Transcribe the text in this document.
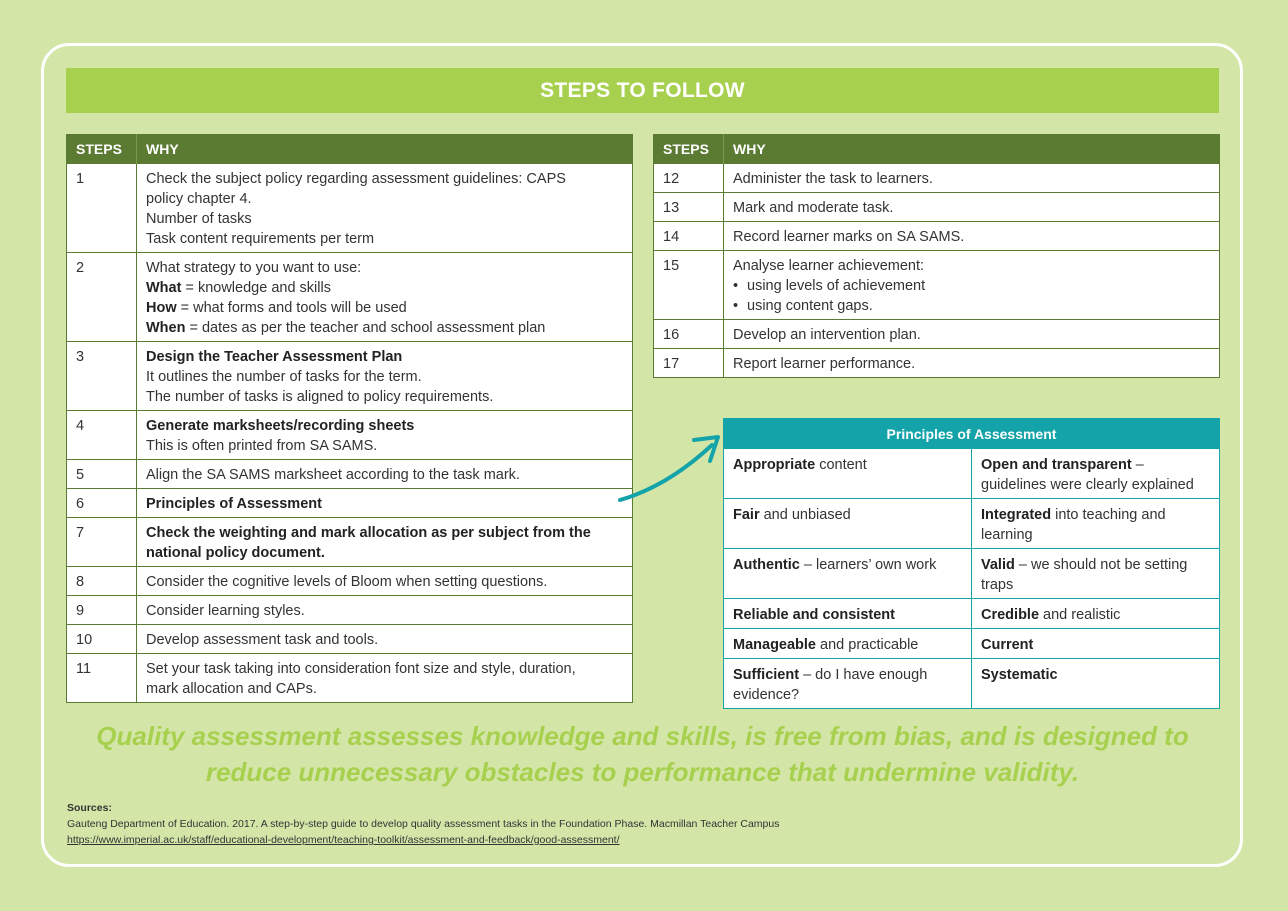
STEPS TO FOLLOW
STEPS	WHY
1	Check the subject policy regarding assessment guidelines: CAPS
policy chapter 4.
Number of tasks
Task content requirements per term

2	What strategy to you want to use:
What = knowledge and skills
How = what forms and tools will be used
When = dates as per the teacher and school assessment plan

3	Design the Teacher Assessment Plan
It outlines the number of tasks for the term.
The number of tasks is aligned to policy requirements.

4	Generate marksheets/recording sheets
This is often printed from SA SAMS.

5	Align the SA SAMS marksheet according to the task mark.

6	Principles of Assessment

7	Check the weighting and mark allocation as per subject from the
national policy document.

8	Consider the cognitive levels of Bloom when setting questions.

9	Consider learning styles.

10	Develop assessment task and tools.

11	Set your task taking into consideration font size and style, duration,
mark allocation and CAPs.
STEPS	WHY
12	Administer the task to learners.

13	Mark and moderate task.

14	Record learner marks on SA SAMS.

15	Analyse learner achievement:
• using levels of achievement
• using content gaps.

16	Develop an intervention plan.

17	Report learner performance.
Principles of Assessment	
Appropriate content	Open and transparent – guidelines were clearly explained
Fair and unbiased	Integrated into teaching and learning
Authentic – learners’ own work	Valid – we should not be setting traps
Reliable and consistent	Credible and realistic
Manageable and practicable	Current
Sufficient – do I have enough evidence?	Systematic
Quality assessment assesses knowledge and skills, is free from bias, and is designed to
reduce unnecessary obstacles to performance that undermine validity.
Sources:
Gauteng Department of Education. 2017. A step-by-step guide to develop quality assessment tasks in the Foundation Phase. Macmillan Teacher Campus
https://www.imperial.ac.uk/staff/educational-development/teaching-toolkit/assessment-and-feedback/good-assessment/
